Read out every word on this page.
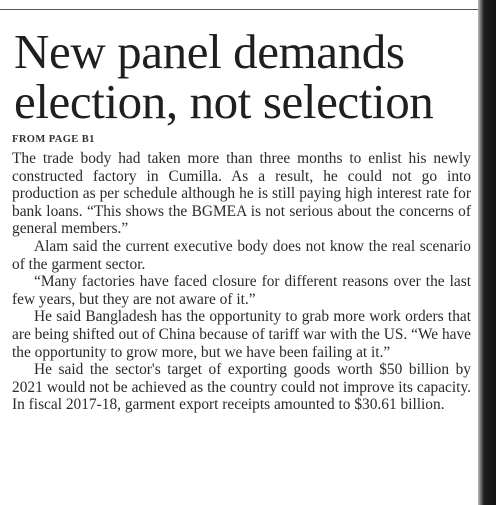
New panel demands
election, not selection
FROM PAGE B1

The trade body had taken more than three months to enlist his newly constructed factory in Cumilla. As a result, he could not go into production as per schedule although he is still paying high interest rate for bank loans. “This shows the BGMEA is not serious about the concerns of general members.”

Alam said the current executive body does not know the real scenario of the garment sector.

“Many factories have faced closure for different reasons over the last few years, but they are not aware of it.”

He said Bangladesh has the opportunity to grab more work orders that are being shifted out of China because of tariff war with the US. “We have the opportunity to grow more, but we have been failing at it.”

He said the sector's target of exporting goods worth $50 billion by 2021 would not be achieved as the country could not improve its capacity. In fiscal 2017-18, garment export receipts amounted to $30.61 billion.
